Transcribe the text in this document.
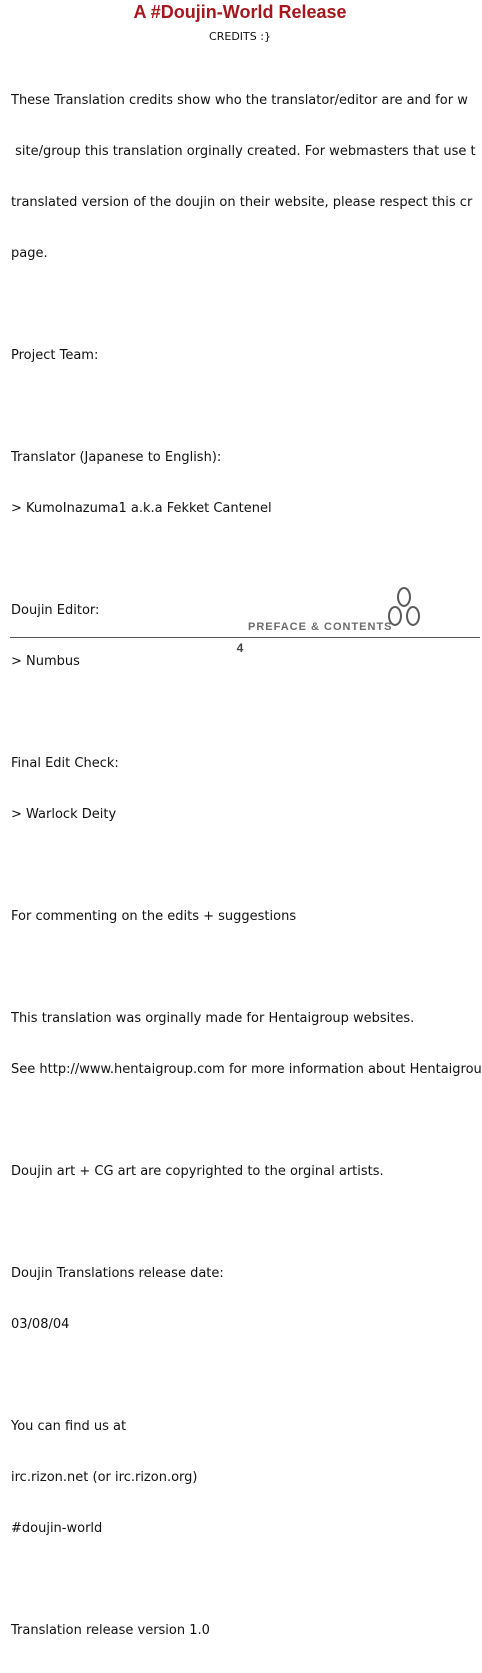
A #Doujin-World Release
CREDITS :}

These Translation credits show who the translator/editor are and for w

site/group this translation orginally created. For webmasters that use t

translated version of the doujin on their website, please respect this cr

page.

Project Team:

Translator (Japanese to English):

> KumoInazuma1 a.k.a Fekket Cantenel

Doujin Editor:

> Numbus

Final Edit Check:

> Warlock Deity

For commenting on the edits + suggestions

This translation was orginally made for Hentaigroup websites.

See http://www.hentaigroup.com for more information about Hentaigrou

Doujin art + CG art are copyrighted to the orginal artists.

Doujin Translations release date:

03/08/04

You can find us at

irc.rizon.net (or irc.rizon.org)

#doujin-world

Translation release version 1.0

PREFACE & CONTENTS
4
